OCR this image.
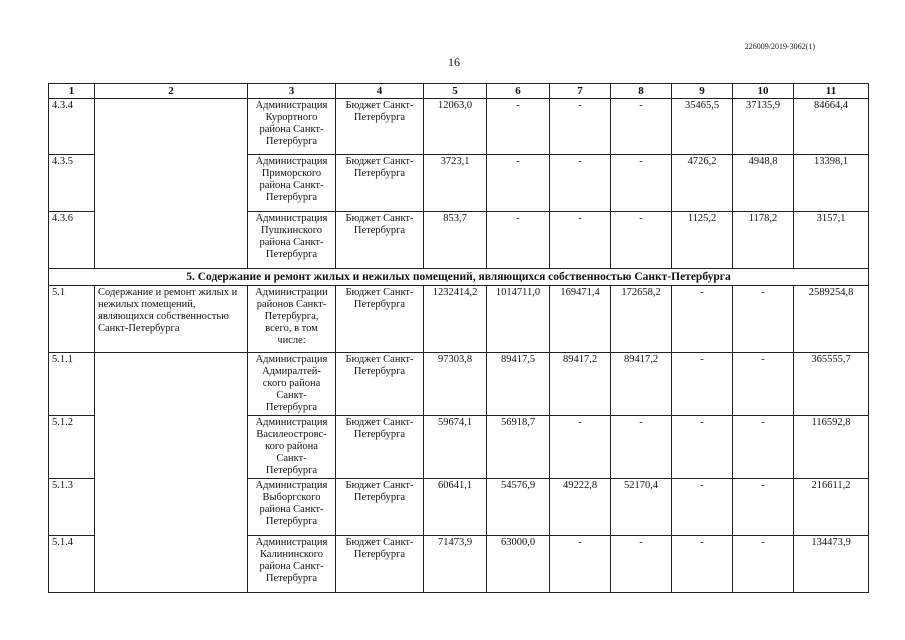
226009/2019-3062(1)
16
1	2	3	4	5	6	7	8	9	10	11
4.3.4		Администрация Курортного района Санкт-Петербурга	Бюджет Санкт-Петербурга	12063,0	-	-	-	35465,5	37135,9	84664,4
4.3.5		Администрация Приморского района Санкт-Петербурга	Бюджет Санкт-Петербурга	3723,1	-	-	-	4726,2	4948,8	13398,1
4.3.6		Администрация Пушкинского района Санкт-Петербурга	Бюджет Санкт-Петербурга	853,7	-	-	-	1125,2	1178,2	3157,1
5. Содержание и ремонт жилых и нежилых помещений, являющихся собственностью Санкт-Петербурга										
5.1	Содержание и ремонт жилых и нежилых помещений, являющихся собственностью Санкт-Петербурга	Администрации районов Санкт-Петербурга, всего, в том числе:	Бюджет Санкт-Петербурга	1232414,2	1014711,0	169471,4	172658,2	-	-	2589254,8
5.1.1		Администрация Адмиралтей-ского района Санкт-Петербурга	Бюджет Санкт-Петербурга	97303,8	89417,5	89417,2	89417,2	-	-	365555,7
5.1.2		Администрация Василеостровс-кого района Санкт-Петербурга	Бюджет Санкт-Петербурга	59674,1	56918,7	-	-	-	-	116592,8
5.1.3		Администрация Выборгского района Санкт-Петербурга	Бюджет Санкт-Петербурга	60641,1	54576,9	49222,8	52170,4	-	-	216611,2
5.1.4		Администрация Калининского района Санкт-Петербурга	Бюджет Санкт-Петербурга	71473,9	63000,0	-	-	-	-	134473,9
